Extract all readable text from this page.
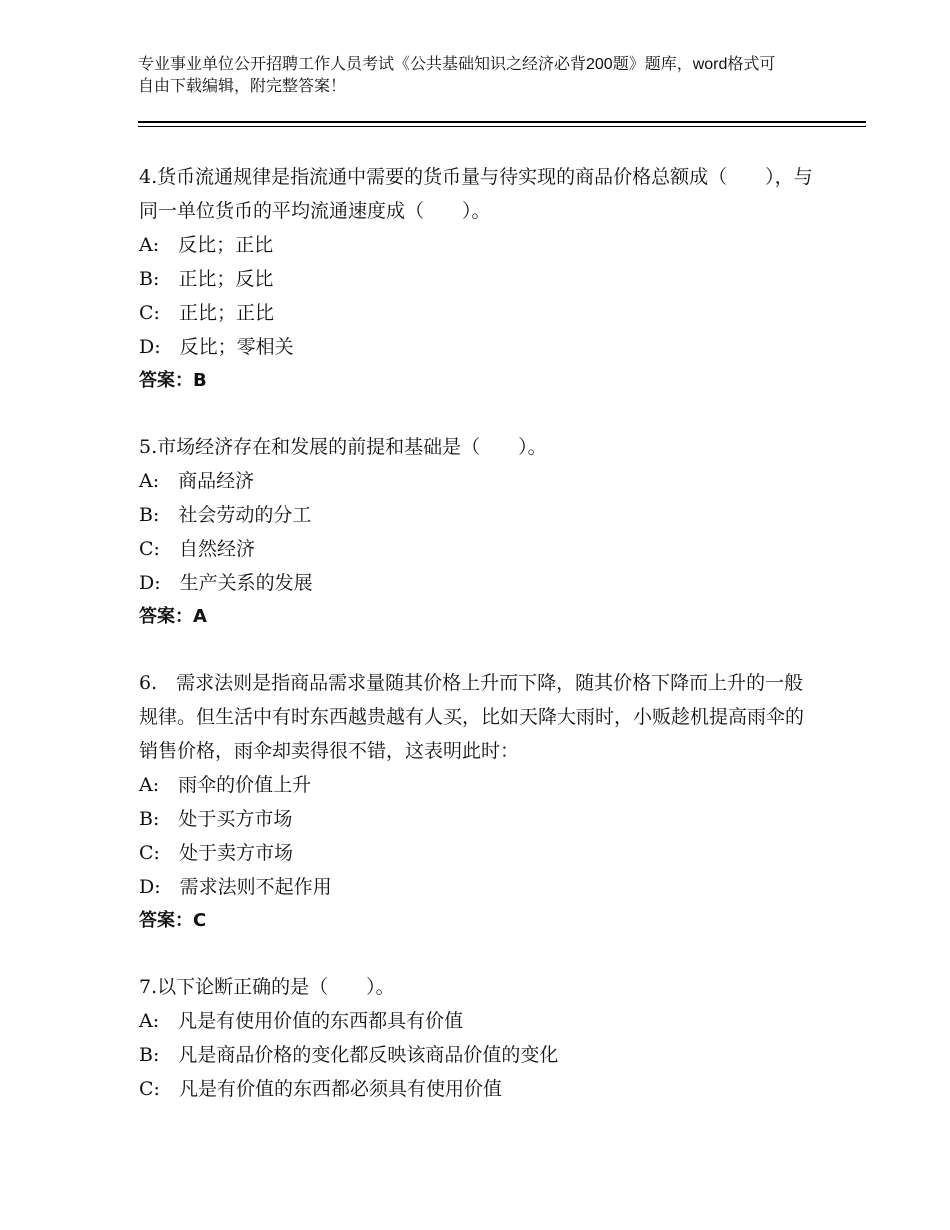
专业事业单位公开招聘工作人员考试《公共基础知识之经济必背200题》题库，word格式可自由下载编辑，附完整答案！
4.货币流通规律是指流通中需要的货币量与待实现的商品价格总额成（　　），与同一单位货币的平均流通速度成（　　）。
A:　反比；正比
B:　正比；反比
C:　正比；正比
D:　反比；零相关
答案：B
5.市场经济存在和发展的前提和基础是（　　）。
A:　商品经济
B:　社会劳动的分工
C:　自然经济
D:　生产关系的发展
答案：A
6.　需求法则是指商品需求量随其价格上升而下降，随其价格下降而上升的一般规律。但生活中有时东西越贵越有人买，比如天降大雨时，小贩趁机提高雨伞的销售价格，雨伞却卖得很不错，这表明此时：
A:　雨伞的价值上升
B:　处于买方市场
C:　处于卖方市场
D:　需求法则不起作用
答案：C
7.以下论断正确的是（　　）。
A:　凡是有使用价值的东西都具有价值
B:　凡是商品价格的变化都反映该商品价值的变化
C:　凡是有价值的东西都必须具有使用价值
